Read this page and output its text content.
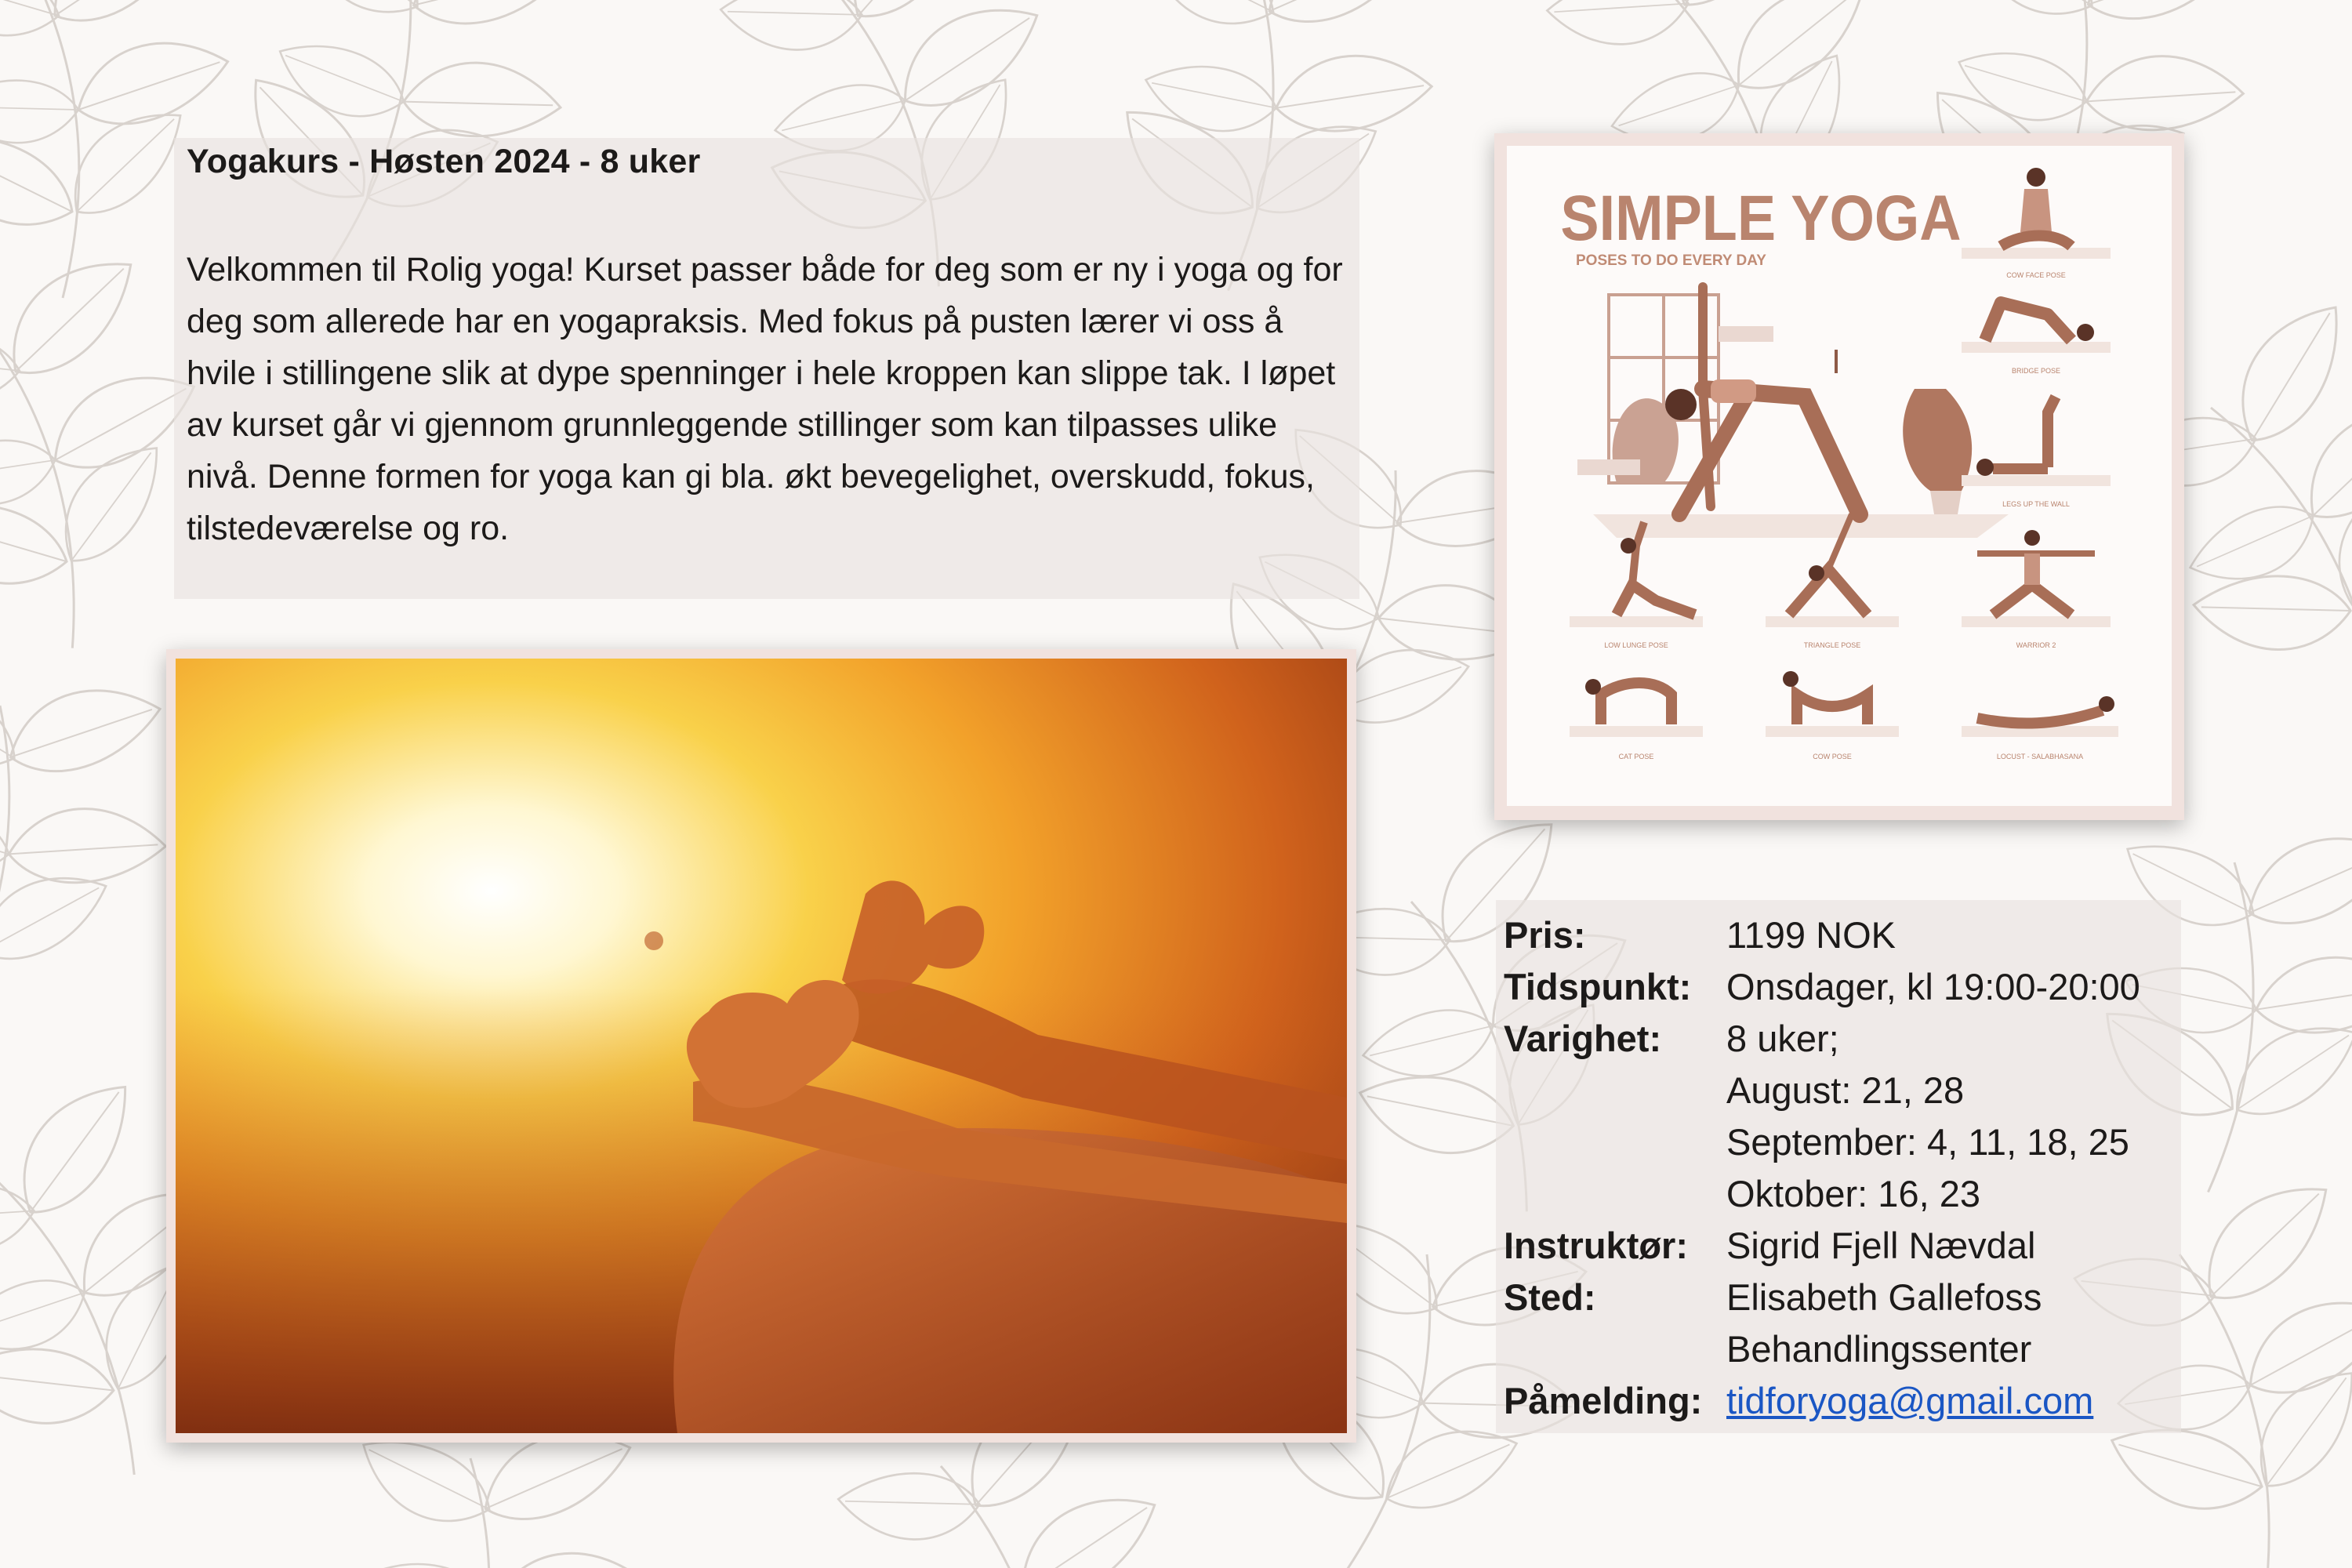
Yogakurs - Høsten 2024 - 8 uker

Velkommen til Rolig yoga! Kurset passer både for deg som er ny i yoga og for deg som allerede har en yogapraksis. Med fokus på pusten lærer vi oss å hvile i stillingene slik at dype spenninger i hele kroppen kan slippe tak. I løpet av kurset går vi gjennom grunnleggende stillinger som kan tilpasses ulike nivå. Denne formen for yoga kan gi bla. økt bevegelighet, overskudd, fokus, tilstedeværelse og ro.

SIMPLE YOGA
POSES TO DO EVERY DAY
COW FACE POSE
BRIDGE POSE
LEGS UP THE WALL
LOW LUNGE POSE	TRIANGLE POSE	WARRIOR 2
CAT POSE	COW POSE	LOCUST - SALABHASANA
Pris:	1199 NOK
Tidspunkt:	Onsdager, kl 19:00-20:00
Varighet:	8 uker;
	August: 21, 28
	September: 4, 11, 18, 25
	Oktober: 16, 23
Instruktør:	Sigrid Fjell Nævdal
Sted:	Elisabeth Gallefoss
	Behandlingssenter
Påmelding:	tidforyoga@gmail.com
